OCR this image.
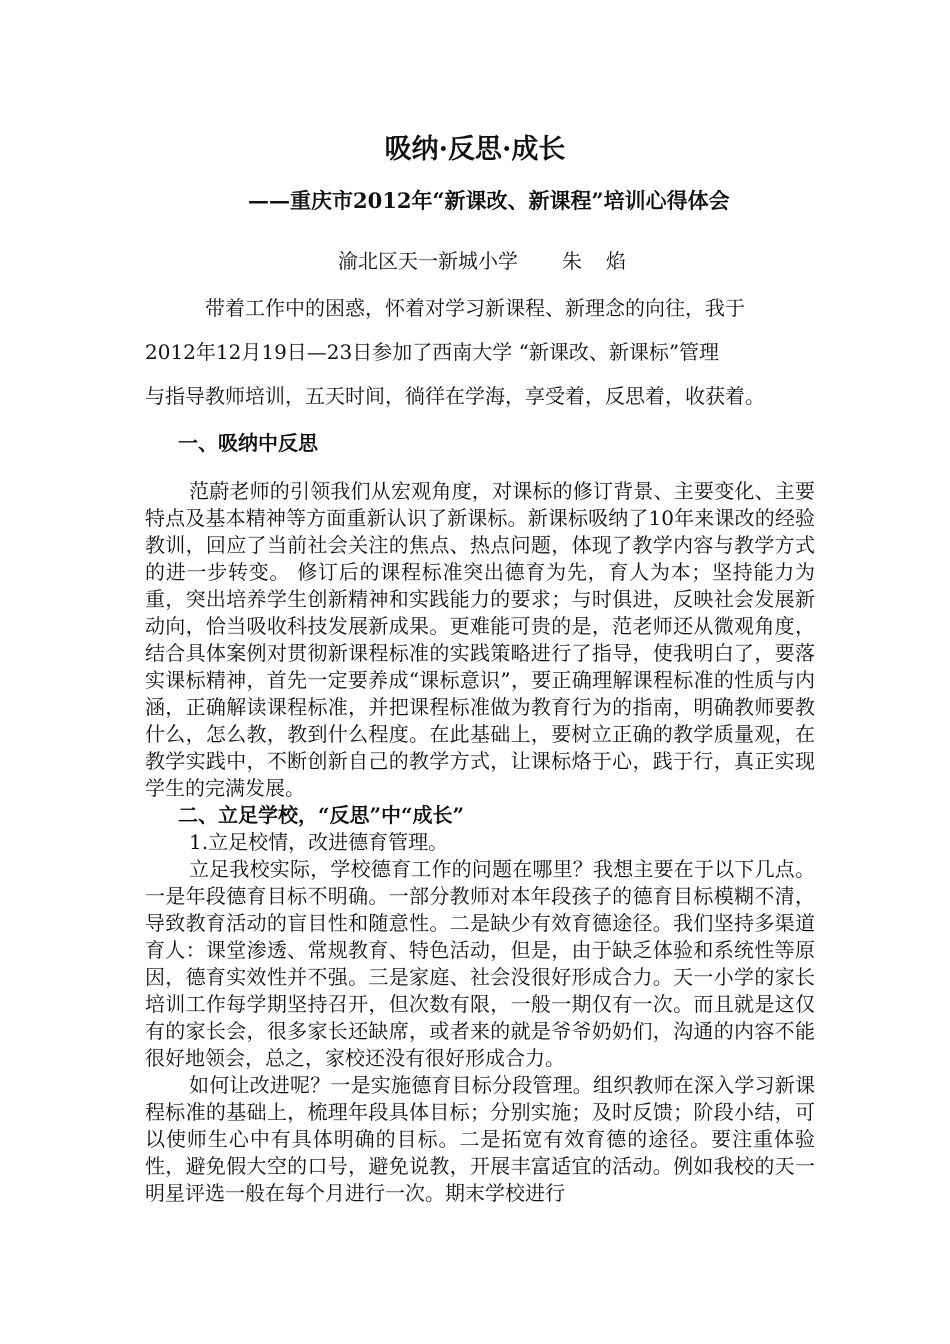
吸纳·反思·成长
——重庆市2012年“新课改、新课程”培训心得体会
渝北区天一新城小学 朱 焰

带着工作中的困惑，怀着对学习新课程、新理念的向往，我于

2012年12月19日—23日参加了西南大学 “新课改、新课标”管理

与指导教师培训，五天时间，徜徉在学海，享受着，反思着，收获着。

一、吸纳中反思

范蔚老师的引领我们从宏观角度，对课标的修订背景、主要变化、主要特点及基本精神等方面重新认识了新课标。新课标吸纳了10年来课改的经验教训，回应了当前社会关注的焦点、热点问题，体现了教学内容与教学方式的进一步转变。 修订后的课程标准突出德育为先，育人为本；坚持能力为重，突出培养学生创新精神和实践能力的要求；与时俱进，反映社会发展新动向，恰当吸收科技发展新成果。更难能可贵的是，范老师还从微观角度，结合具体案例对贯彻新课程标准的实践策略进行了指导，使我明白了，要落实课标精神，首先一定要养成“课标意识”，要正确理解课程标准的性质与内涵，正确解读课程标准，并把课程标准做为教育行为的指南，明确教师要教什么，怎么教，教到什么程度。在此基础上，要树立正确的教学质量观，在教学实践中，不断创新自己的教学方式，让课标烙于心，践于行，真正实现学生的完满发展。

二、立足学校，“反思”中“成长”

1.立足校情，改进德育管理。

立足我校实际，学校德育工作的问题在哪里？我想主要在于以下几点。一是年段德育目标不明确。一部分教师对本年段孩子的德育目标模糊不清，导致教育活动的盲目性和随意性。二是缺少有效育德途径。我们坚持多渠道育人：课堂渗透、常规教育、特色活动，但是，由于缺乏体验和系统性等原因，德育实效性并不强。三是家庭、社会没很好形成合力。天一小学的家长培训工作每学期坚持召开，但次数有限，一般一期仅有一次。而且就是这仅有的家长会，很多家长还缺席，或者来的就是爷爷奶奶们，沟通的内容不能很好地领会，总之，家校还没有很好形成合力。

如何让改进呢？一是实施德育目标分段管理。组织教师在深入学习新课程标准的基础上，梳理年段具体目标；分别实施；及时反馈；阶段小结，可以使师生心中有具体明确的目标。二是拓宽有效育德的途径。要注重体验性，避免假大空的口号，避免说教，开展丰富适宜的活动。例如我校的天一明星评选一般在每个月进行一次。期末学校进行
